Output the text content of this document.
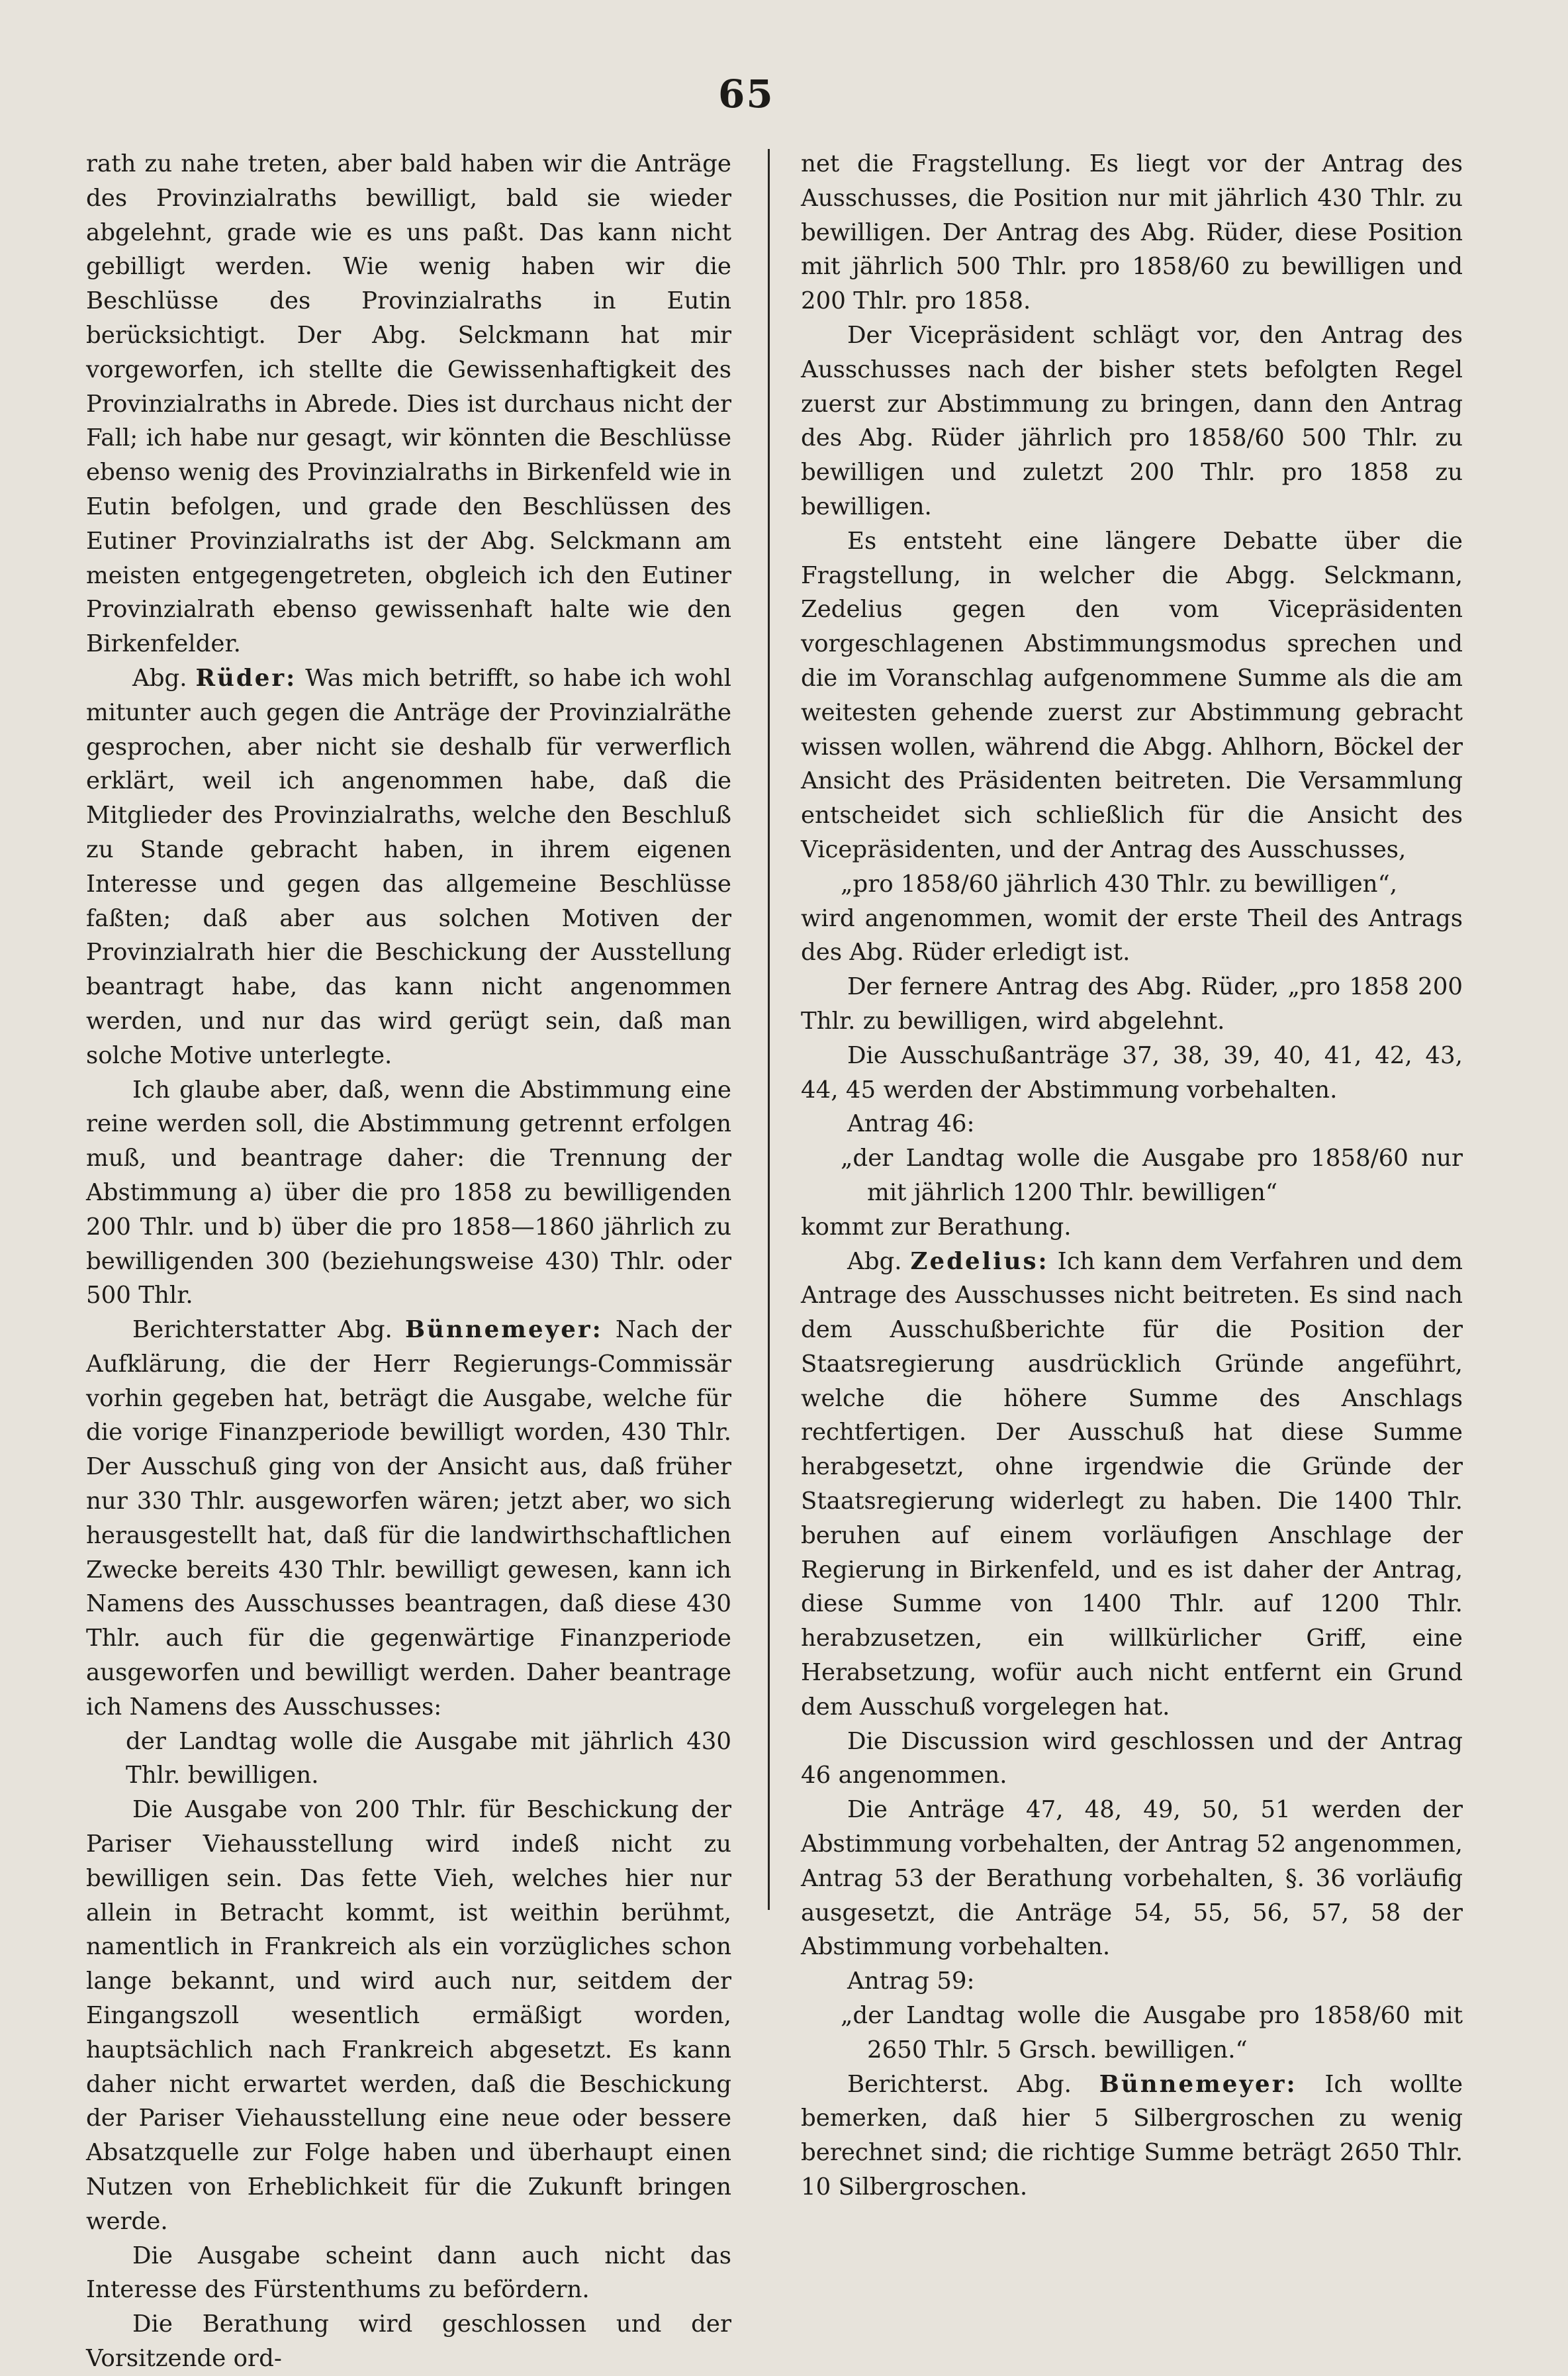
65

rath zu nahe treten, aber bald haben wir die Anträge des Provinzialraths bewilligt, bald sie wieder abgelehnt, grade wie es uns paßt. Das kann nicht gebilligt werden. Wie wenig haben wir die Beschlüsse des Provinzialraths in Eutin berücksichtigt. Der Abg. Selckmann hat mir vorgeworfen, ich stellte die Gewissenhaftigkeit des Provinzialraths in Abrede. Dies ist durchaus nicht der Fall; ich habe nur gesagt, wir könnten die Beschlüsse ebenso wenig des Provinzialraths in Birkenfeld wie in Eutin befolgen, und grade den Beschlüssen des Eutiner Provinzialraths ist der Abg. Selckmann am meisten entgegengetreten, obgleich ich den Eutiner Provinzialrath ebenso gewissenhaft halte wie den Birkenfelder.

Abg. Rüder: Was mich betrifft, so habe ich wohl mitunter auch gegen die Anträge der Provinzialräthe gesprochen, aber nicht sie deshalb für verwerflich erklärt, weil ich angenommen habe, daß die Mitglieder des Provinzialraths, welche den Beschluß zu Stande gebracht haben, in ihrem eigenen Interesse und gegen das allgemeine Beschlüsse faßten; daß aber aus solchen Motiven der Provinzialrath hier die Beschickung der Ausstellung beantragt habe, das kann nicht angenommen werden, und nur das wird gerügt sein, daß man solche Motive unterlegte.

Ich glaube aber, daß, wenn die Abstimmung eine reine werden soll, die Abstimmung getrennt erfolgen muß, und beantrage daher: die Trennung der Abstimmung a) über die pro 1858 zu bewilligenden 200 Thlr. und b) über die pro 1858—1860 jährlich zu bewilligenden 300 (beziehungsweise 430) Thlr. oder 500 Thlr.

Berichterstatter Abg. Bünnemeyer: Nach der Aufklärung, die der Herr Regierungs-Commissär vorhin gegeben hat, beträgt die Ausgabe, welche für die vorige Finanzperiode bewilligt worden, 430 Thlr. Der Ausschuß ging von der Ansicht aus, daß früher nur 330 Thlr. ausgeworfen wären; jetzt aber, wo sich herausgestellt hat, daß für die landwirthschaftlichen Zwecke bereits 430 Thlr. bewilligt gewesen, kann ich Namens des Ausschusses beantragen, daß diese 430 Thlr. auch für die gegenwärtige Finanzperiode ausgeworfen und bewilligt werden. Daher beantrage ich Namens des Ausschusses:

der Landtag wolle die Ausgabe mit jährlich 430 Thlr. bewilligen.

Die Ausgabe von 200 Thlr. für Beschickung der Pariser Viehausstellung wird indeß nicht zu bewilligen sein. Das fette Vieh, welches hier nur allein in Betracht kommt, ist weithin berühmt, namentlich in Frankreich als ein vorzügliches schon lange bekannt, und wird auch nur, seitdem der Eingangszoll wesentlich ermäßigt worden, hauptsächlich nach Frankreich abgesetzt. Es kann daher nicht erwartet werden, daß die Beschickung der Pariser Viehausstellung eine neue oder bessere Absatzquelle zur Folge haben und überhaupt einen Nutzen von Erheblichkeit für die Zukunft bringen werde.

Die Ausgabe scheint dann auch nicht das Interesse des Fürstenthums zu befördern.

Die Berathung wird geschlossen und der Vorsitzende ord-

net die Fragstellung. Es liegt vor der Antrag des Ausschusses, die Position nur mit jährlich 430 Thlr. zu bewilligen. Der Antrag des Abg. Rüder, diese Position mit jährlich 500 Thlr. pro 1858/60 zu bewilligen und 200 Thlr. pro 1858.

Der Vicepräsident schlägt vor, den Antrag des Ausschusses nach der bisher stets befolgten Regel zuerst zur Abstimmung zu bringen, dann den Antrag des Abg. Rüder jährlich pro 1858/60 500 Thlr. zu bewilligen und zuletzt 200 Thlr. pro 1858 zu bewilligen.

Es entsteht eine längere Debatte über die Fragstellung, in welcher die Abgg. Selckmann, Zedelius gegen den vom Vicepräsidenten vorgeschlagenen Abstimmungsmodus sprechen und die im Voranschlag aufgenommene Summe als die am weitesten gehende zuerst zur Abstimmung gebracht wissen wollen, während die Abgg. Ahlhorn, Böckel der Ansicht des Präsidenten beitreten. Die Versammlung entscheidet sich schließlich für die Ansicht des Vicepräsidenten, und der Antrag des Ausschusses,

„pro 1858/60 jährlich 430 Thlr. zu bewilligen“,

wird angenommen, womit der erste Theil des Antrags des Abg. Rüder erledigt ist.

Der fernere Antrag des Abg. Rüder, „pro 1858 200 Thlr. zu bewilligen, wird abgelehnt.

Die Ausschußanträge 37, 38, 39, 40, 41, 42, 43, 44, 45 werden der Abstimmung vorbehalten.

Antrag 46:

„der Landtag wolle die Ausgabe pro 1858/60 nur mit jährlich 1200 Thlr. bewilligen“

kommt zur Berathung.

Abg. Zedelius: Ich kann dem Verfahren und dem Antrage des Ausschusses nicht beitreten. Es sind nach dem Ausschußberichte für die Position der Staatsregierung ausdrücklich Gründe angeführt, welche die höhere Summe des Anschlags rechtfertigen. Der Ausschuß hat diese Summe herabgesetzt, ohne irgendwie die Gründe der Staatsregierung widerlegt zu haben. Die 1400 Thlr. beruhen auf einem vorläufigen Anschlage der Regierung in Birkenfeld, und es ist daher der Antrag, diese Summe von 1400 Thlr. auf 1200 Thlr. herabzusetzen, ein willkürlicher Griff, eine Herabsetzung, wofür auch nicht entfernt ein Grund dem Ausschuß vorgelegen hat.

Die Discussion wird geschlossen und der Antrag 46 angenommen.

Die Anträge 47, 48, 49, 50, 51 werden der Abstimmung vorbehalten, der Antrag 52 angenommen, Antrag 53 der Berathung vorbehalten, §. 36 vorläufig ausgesetzt, die Anträge 54, 55, 56, 57, 58 der Abstimmung vorbehalten.

Antrag 59:

„der Landtag wolle die Ausgabe pro 1858/60 mit 2650 Thlr. 5 Grsch. bewilligen.“

Berichterst. Abg. Bünnemeyer: Ich wollte bemerken, daß hier 5 Silbergroschen zu wenig berechnet sind; die richtige Summe beträgt 2650 Thlr. 10 Silbergroschen.
